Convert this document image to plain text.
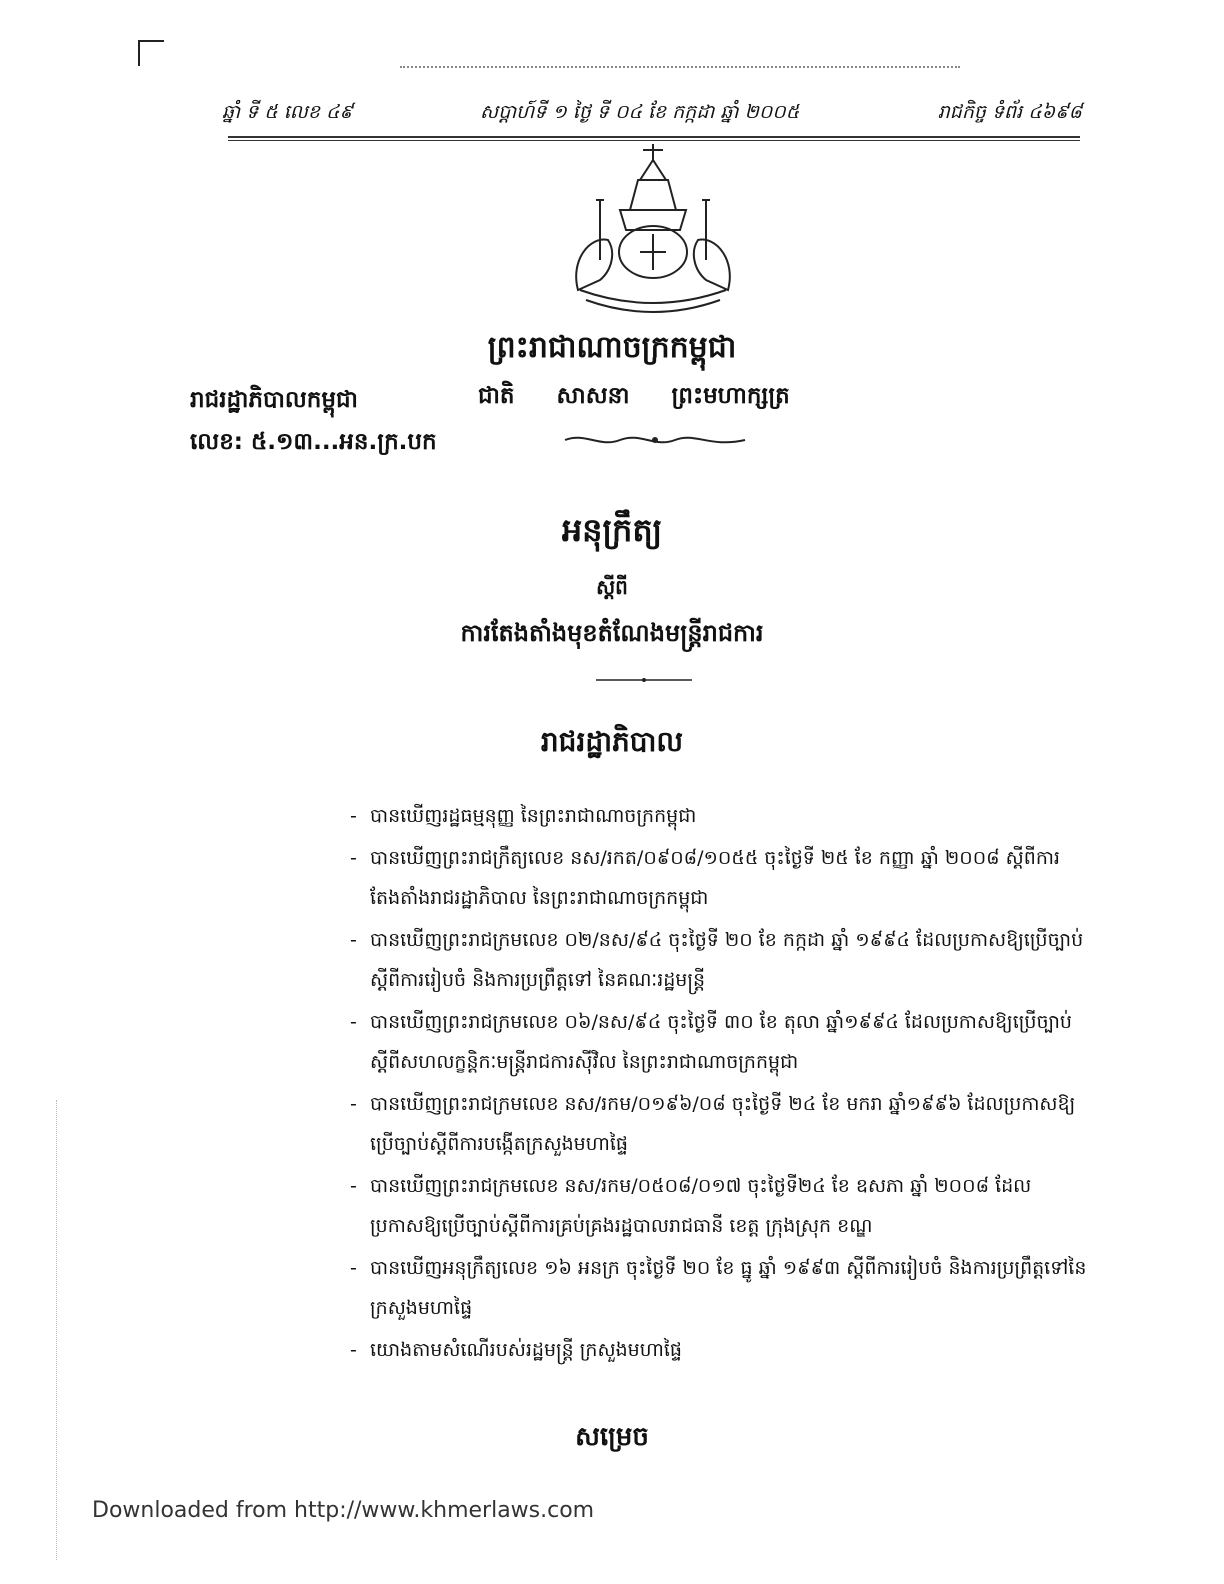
ឆ្នាំ ទី ៥ លេខ ៤៩	សប្តាហ៍ទី ១ ថ្ងៃ ទី ០៤ ខែ កក្កដា ឆ្នាំ ២០០៥	រាជកិច្ច ទំព័រ ៤៦៩៨
ព្រះរាជាណាចក្រកម្ពុជា
ជាតិ សាសនា ព្រះមហាក្សត្រ
រាជរដ្ឋាភិបាលកម្ពុជា
លេខ: ៥.១៣...អន.ក្រ.បក
អនុក្រឹត្យ
ស្តីពី
ការតែងតាំងមុខតំណែងមន្ត្រីរាជការ
រាជរដ្ឋាភិបាល
- បានឃើញរដ្ឋធម្មនុញ្ញ នៃព្រះរាជាណាចក្រកម្ពុជា
- បានឃើញព្រះរាជក្រឹត្យលេខ នស/រកត/០៩០៨/១០៥៥ ចុះថ្ងៃទី ២៥ ខែ កញ្ញា ឆ្នាំ ២០០៨ ស្តីពីការតែងតាំងរាជរដ្ឋាភិបាល នៃព្រះរាជាណាចក្រកម្ពុជា
- បានឃើញព្រះរាជក្រមលេខ ០២/នស/៩៤ ចុះថ្ងៃទី ២០ ខែ កក្កដា ឆ្នាំ ១៩៩៤ ដែលប្រកាសឱ្យប្រើច្បាប់ស្តីពីការរៀបចំ និងការប្រព្រឹត្តទៅ នៃគណៈរដ្ឋមន្ត្រី
- បានឃើញព្រះរាជក្រមលេខ ០៦/នស/៩៤ ចុះថ្ងៃទី ៣០ ខែ តុលា ឆ្នាំ១៩៩៤ ដែលប្រកាសឱ្យប្រើច្បាប់ស្តីពីសហលក្ខន្តិកៈមន្ត្រីរាជការស៊ីវិល នៃព្រះរាជាណាចក្រកម្ពុជា
- បានឃើញព្រះរាជក្រមលេខ នស/រកម/០១៩៦/០៨ ចុះថ្ងៃទី ២៤ ខែ មករា ឆ្នាំ១៩៩៦ ដែលប្រកាសឱ្យប្រើច្បាប់ស្តីពីការបង្កើតក្រសួងមហាផ្ទៃ
- បានឃើញព្រះរាជក្រមលេខ នស/រកម/០៥០៨/០១៧ ចុះថ្ងៃទី២៤ ខែ ឧសភា ឆ្នាំ ២០០៨ ដែលប្រកាសឱ្យប្រើច្បាប់ស្តីពីការគ្រប់គ្រងរដ្ឋបាលរាជធានី ខេត្ត ក្រុងស្រុក ខណ្ឌ
- បានឃើញអនុក្រឹត្យលេខ ១៦ អនក្រ ចុះថ្ងៃទី ២០ ខែ ធ្នូ ឆ្នាំ ១៩៩៣ ស្តីពីការរៀបចំ និងការប្រព្រឹត្តទៅនៃក្រសួងមហាផ្ទៃ
- យោងតាមសំណើរបស់រដ្ឋមន្ត្រី ក្រសួងមហាផ្ទៃ
សម្រេច
Downloaded from http://www.khmerlaws.com
